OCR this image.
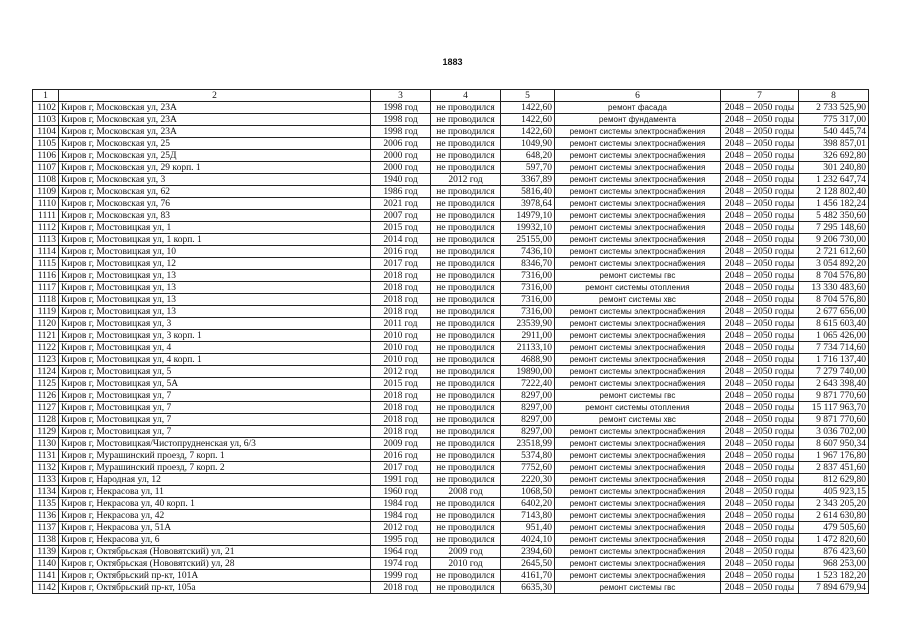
1883
1	2	3	4	5	6	7	8
1102	Киров г, Московская ул, 23А	1998 год	не проводился	1422,60	ремонт фасада	2048 – 2050 годы	2 733 525,90
1103	Киров г, Московская ул, 23А	1998 год	не проводился	1422,60	ремонт фундамента	2048 – 2050 годы	775 317,00
1104	Киров г, Московская ул, 23А	1998 год	не проводился	1422,60	ремонт системы электроснабжения	2048 – 2050 годы	540 445,74
1105	Киров г, Московская ул, 25	2006 год	не проводился	1049,90	ремонт системы электроснабжения	2048 – 2050 годы	398 857,01
1106	Киров г, Московская ул, 25Д	2000 год	не проводился	648,20	ремонт системы электроснабжения	2048 – 2050 годы	326 692,80
1107	Киров г, Московская ул, 29 корп. 1	2000 год	не проводился	597,70	ремонт системы электроснабжения	2048 – 2050 годы	301 240,80
1108	Киров г, Московская ул, 3	1940 год	2012 год	3367,89	ремонт системы электроснабжения	2048 – 2050 годы	1 232 647,74
1109	Киров г, Московская ул, 62	1986 год	не проводился	5816,40	ремонт системы электроснабжения	2048 – 2050 годы	2 128 802,40
1110	Киров г, Московская ул, 76	2021 год	не проводился	3978,64	ремонт системы электроснабжения	2048 – 2050 годы	1 456 182,24
1111	Киров г, Московская ул, 83	2007 год	не проводился	14979,10	ремонт системы электроснабжения	2048 – 2050 годы	5 482 350,60
1112	Киров г, Мостовицкая ул, 1	2015 год	не проводился	19932,10	ремонт системы электроснабжения	2048 – 2050 годы	7 295 148,60
1113	Киров г, Мостовицкая ул, 1 корп. 1	2014 год	не проводился	25155,00	ремонт системы электроснабжения	2048 – 2050 годы	9 206 730,00
1114	Киров г, Мостовицкая ул, 10	2016 год	не проводился	7436,10	ремонт системы электроснабжения	2048 – 2050 годы	2 721 612,60
1115	Киров г, Мостовицкая ул, 12	2017 год	не проводился	8346,70	ремонт системы электроснабжения	2048 – 2050 годы	3 054 892,20
1116	Киров г, Мостовицкая ул, 13	2018 год	не проводился	7316,00	ремонт системы гвс	2048 – 2050 годы	8 704 576,80
1117	Киров г, Мостовицкая ул, 13	2018 год	не проводился	7316,00	ремонт системы отопления	2048 – 2050 годы	13 330 483,60
1118	Киров г, Мостовицкая ул, 13	2018 год	не проводился	7316,00	ремонт системы хвс	2048 – 2050 годы	8 704 576,80
1119	Киров г, Мостовицкая ул, 13	2018 год	не проводился	7316,00	ремонт системы электроснабжения	2048 – 2050 годы	2 677 656,00
1120	Киров г, Мостовицкая ул, 3	2011 год	не проводился	23539,90	ремонт системы электроснабжения	2048 – 2050 годы	8 615 603,40
1121	Киров г, Мостовицкая ул, 3 корп. 1	2010 год	не проводился	2911,00	ремонт системы электроснабжения	2048 – 2050 годы	1 065 426,00
1122	Киров г, Мостовицкая ул, 4	2010 год	не проводился	21133,10	ремонт системы электроснабжения	2048 – 2050 годы	7 734 714,60
1123	Киров г, Мостовицкая ул, 4 корп. 1	2010 год	не проводился	4688,90	ремонт системы электроснабжения	2048 – 2050 годы	1 716 137,40
1124	Киров г, Мостовицкая ул, 5	2012 год	не проводился	19890,00	ремонт системы электроснабжения	2048 – 2050 годы	7 279 740,00
1125	Киров г, Мостовицкая ул, 5А	2015 год	не проводился	7222,40	ремонт системы электроснабжения	2048 – 2050 годы	2 643 398,40
1126	Киров г, Мостовицкая ул, 7	2018 год	не проводился	8297,00	ремонт системы гвс	2048 – 2050 годы	9 871 770,60
1127	Киров г, Мостовицкая ул, 7	2018 год	не проводился	8297,00	ремонт системы отопления	2048 – 2050 годы	15 117 963,70
1128	Киров г, Мостовицкая ул, 7	2018 год	не проводился	8297,00	ремонт системы хвс	2048 – 2050 годы	9 871 770,60
1129	Киров г, Мостовицкая ул, 7	2018 год	не проводился	8297,00	ремонт системы электроснабжения	2048 – 2050 годы	3 036 702,00
1130	Киров г, Мостовицкая/Чистопрудненская ул, 6/3	2009 год	не проводился	23518,99	ремонт системы электроснабжения	2048 – 2050 годы	8 607 950,34
1131	Киров г, Мурашинский проезд, 7 корп. 1	2016 год	не проводился	5374,80	ремонт системы электроснабжения	2048 – 2050 годы	1 967 176,80
1132	Киров г, Мурашинский проезд, 7 корп. 2	2017 год	не проводился	7752,60	ремонт системы электроснабжения	2048 – 2050 годы	2 837 451,60
1133	Киров г, Народная ул, 12	1991 год	не проводился	2220,30	ремонт системы электроснабжения	2048 – 2050 годы	812 629,80
1134	Киров г, Некрасова ул, 11	1960 год	2008 год	1068,50	ремонт системы электроснабжения	2048 – 2050 годы	405 923,15
1135	Киров г, Некрасова ул, 40 корп. 1	1984 год	не проводился	6402,20	ремонт системы электроснабжения	2048 – 2050 годы	2 343 205,20
1136	Киров г, Некрасова ул, 42	1984 год	не проводился	7143,80	ремонт системы электроснабжения	2048 – 2050 годы	2 614 630,80
1137	Киров г, Некрасова ул, 51А	2012 год	не проводился	951,40	ремонт системы электроснабжения	2048 – 2050 годы	479 505,60
1138	Киров г, Некрасова ул, 6	1995 год	не проводился	4024,10	ремонт системы электроснабжения	2048 – 2050 годы	1 472 820,60
1139	Киров г, Октябрьская (Нововятский) ул, 21	1964 год	2009 год	2394,60	ремонт системы электроснабжения	2048 – 2050 годы	876 423,60
1140	Киров г, Октябрьская (Нововятский) ул, 28	1974 год	2010 год	2645,50	ремонт системы электроснабжения	2048 – 2050 годы	968 253,00
1141	Киров г, Октябрьский пр-кт, 101А	1999 год	не проводился	4161,70	ремонт системы электроснабжения	2048 – 2050 годы	1 523 182,20
1142	Киров г, Октябрьский пр-кт, 105а	2018 год	не проводился	6635,30	ремонт системы гвс	2048 – 2050 годы	7 894 679,94
